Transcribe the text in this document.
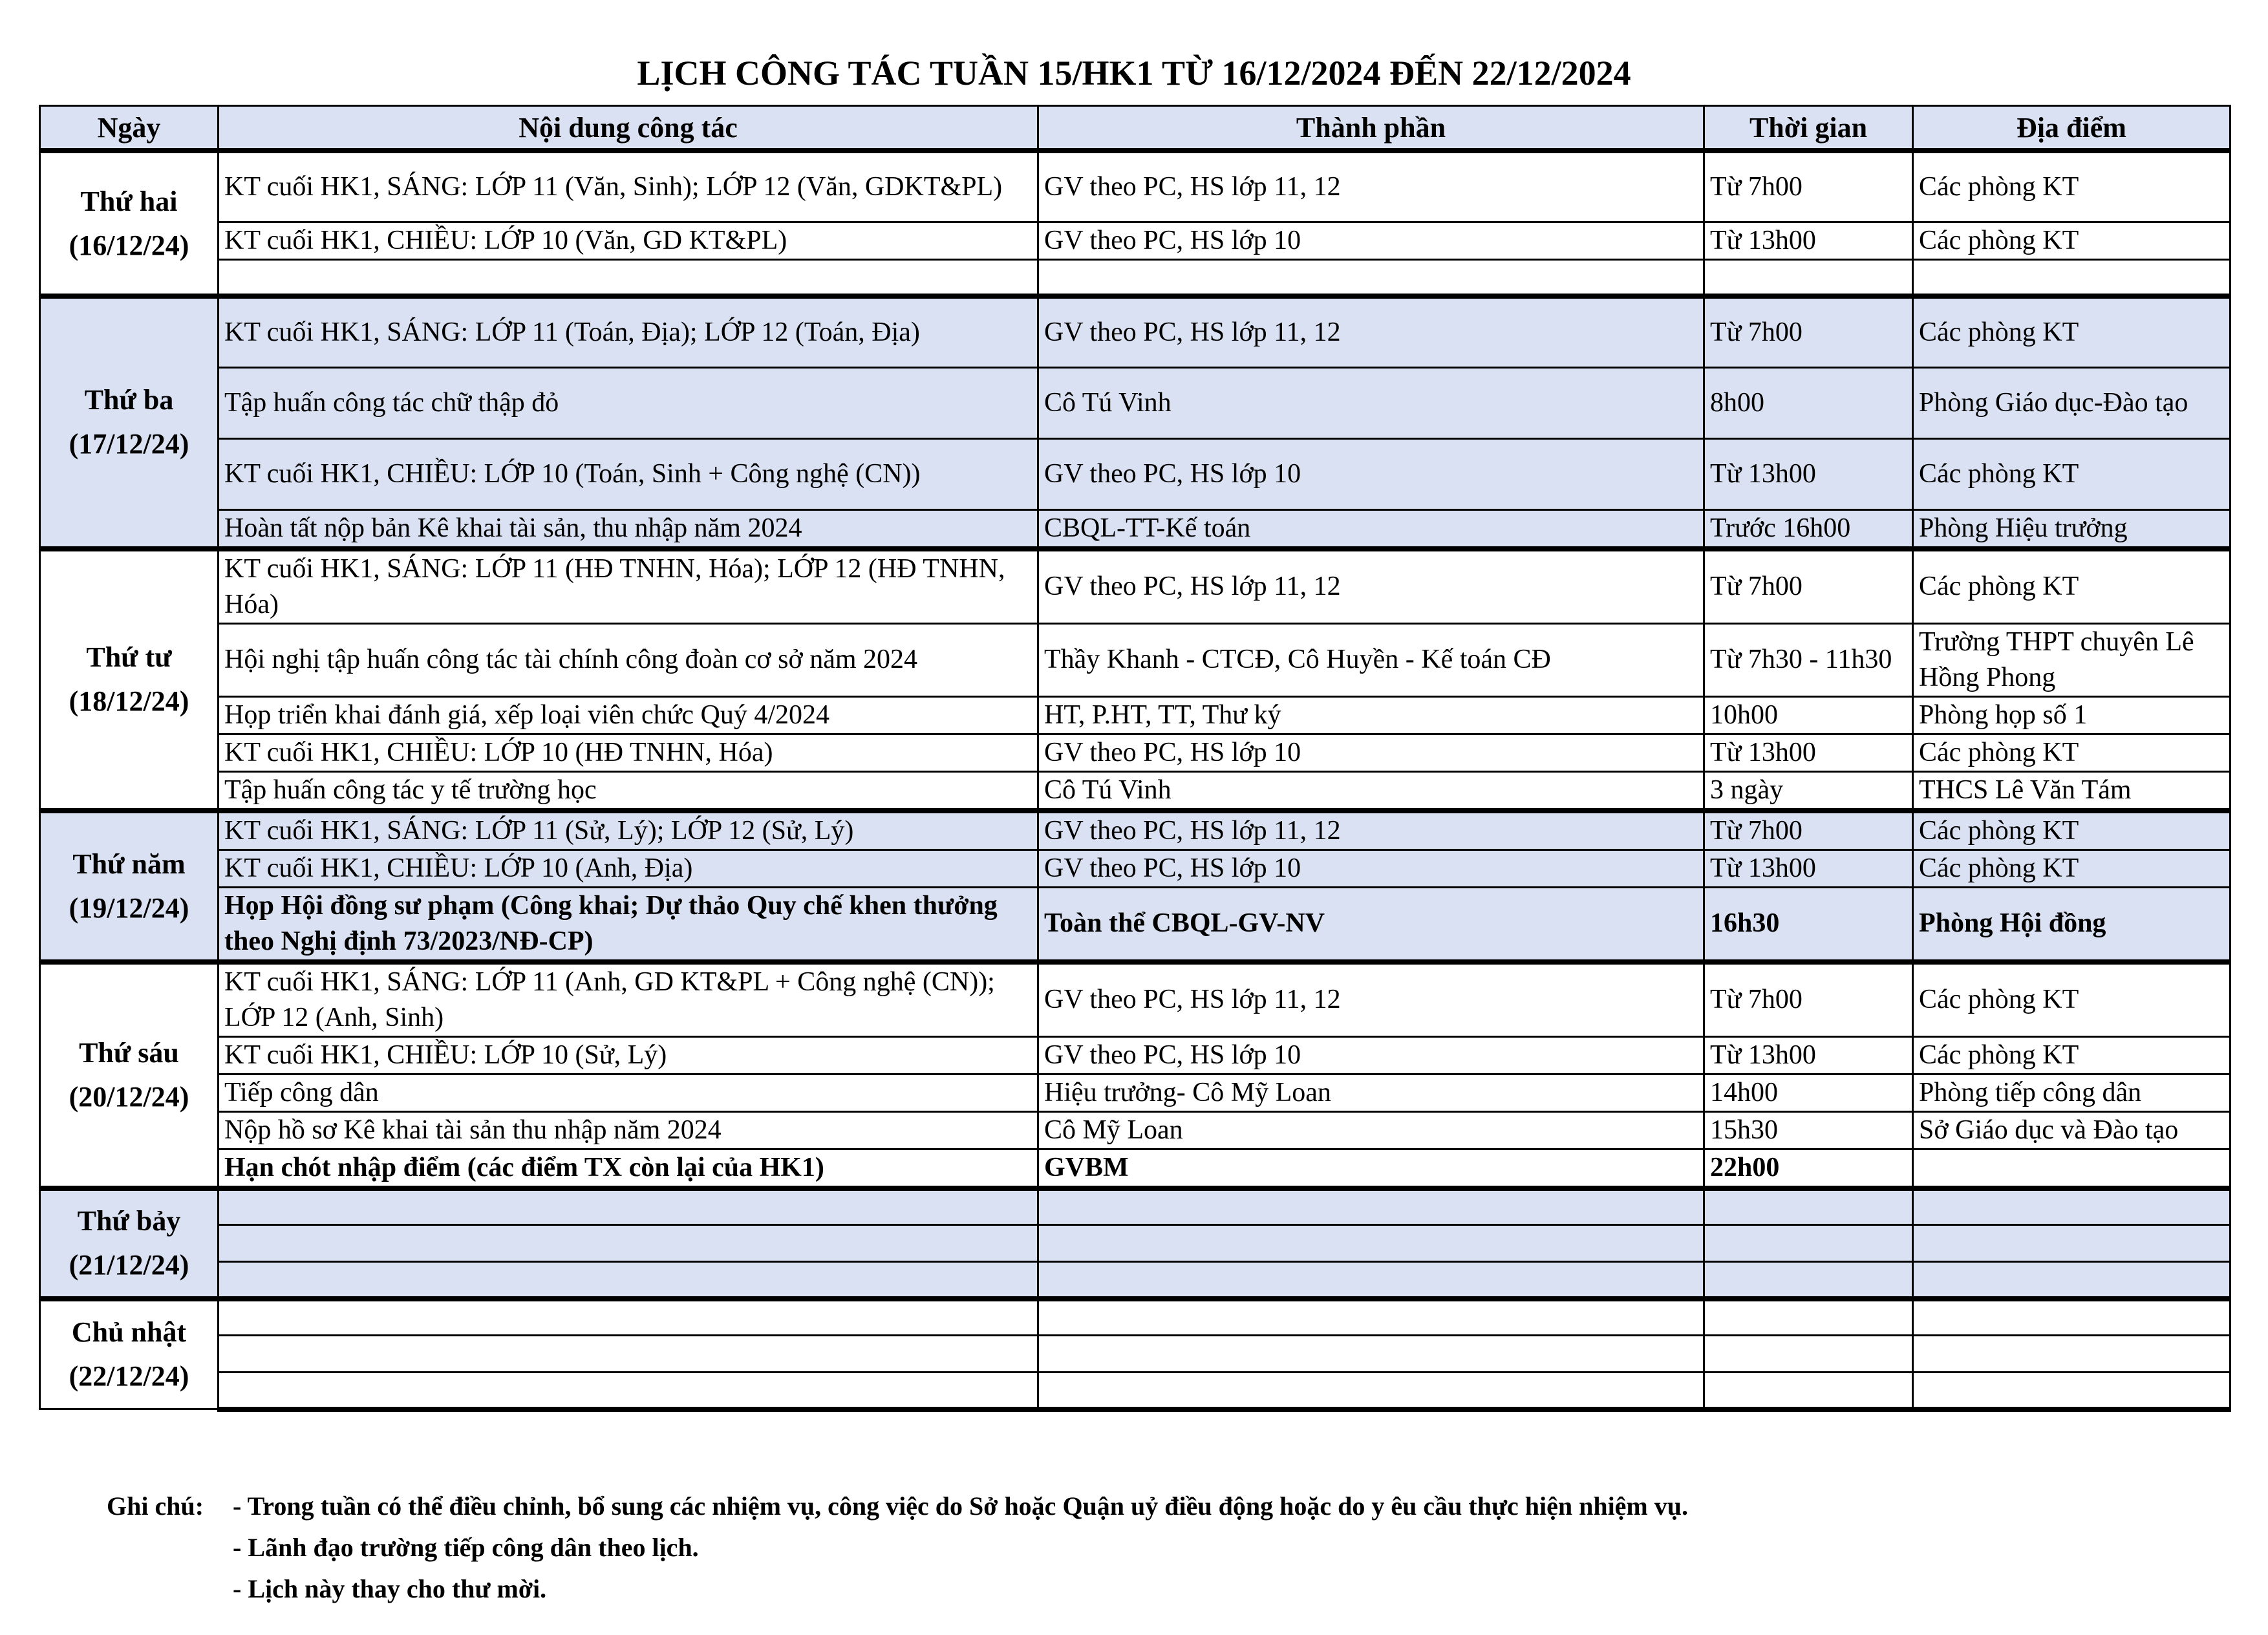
LỊCH CÔNG TÁC TUẦN 15/HK1 TỪ 16/12/2024 ĐẾN 22/12/2024
Ngày	Nội dung công tác	Thành phần	Thời gian	Địa điểm

Thứ hai
(16/12/24)	KT cuối HK1, SÁNG: LỚP 11 (Văn, Sinh); LỚP 12 (Văn, GDKT&PL)	GV theo PC, HS lớp 11, 12	Từ 7h00	Các phòng KT
	KT cuối HK1, CHIỀU: LỚP 10 (Văn, GD KT&PL)	GV theo PC, HS lớp 10	Từ 13h00	Các phòng KT

Thứ ba
(17/12/24)	KT cuối HK1, SÁNG: LỚP 11 (Toán, Địa); LỚP 12 (Toán, Địa)	GV theo PC, HS lớp 11, 12	Từ 7h00	Các phòng KT
	Tập huấn công tác chữ thập đỏ	Cô Tú Vinh	8h00	Phòng Giáo dục-Đào tạo
	KT cuối HK1, CHIỀU: LỚP 10 (Toán, Sinh + Công nghệ (CN))	GV theo PC, HS lớp 10	Từ 13h00	Các phòng KT
	Hoàn tất nộp bản Kê khai tài sản, thu nhập năm 2024	CBQL-TT-Kế toán	Trước 16h00	Phòng Hiệu trưởng

Thứ tư
(18/12/24)	KT cuối HK1, SÁNG: LỚP 11 (HĐ TNHN, Hóa); LỚP 12 (HĐ TNHN, Hóa)	GV theo PC, HS lớp 11, 12	Từ 7h00	Các phòng KT
	Hội nghị tập huấn công tác tài chính công đoàn cơ sở năm 2024	Thầy Khanh - CTCĐ, Cô Huyền - Kế toán CĐ	Từ 7h30 - 11h30	Trường THPT chuyên Lê Hồng Phong
	Họp triển khai đánh giá, xếp loại viên chức Quý 4/2024	HT, P.HT, TT, Thư ký	10h00	Phòng họp số 1
	KT cuối HK1, CHIỀU: LỚP 10 (HĐ TNHN, Hóa)	GV theo PC, HS lớp 10	Từ 13h00	Các phòng KT
	Tập huấn công tác y tế trường học	Cô Tú Vinh	3 ngày	THCS Lê Văn Tám

Thứ năm
(19/12/24)	KT cuối HK1, SÁNG: LỚP 11 (Sử, Lý); LỚP 12 (Sử, Lý)	GV theo PC, HS lớp 11, 12	Từ 7h00	Các phòng KT
	KT cuối HK1, CHIỀU: LỚP 10 (Anh, Địa)	GV theo PC, HS lớp 10	Từ 13h00	Các phòng KT
	Họp Hội đồng sư phạm (Công khai; Dự thảo Quy chế khen thưởng theo Nghị định 73/2023/NĐ-CP)	Toàn thể CBQL-GV-NV	16h30	Phòng Hội đồng

Thứ sáu
(20/12/24)	KT cuối HK1, SÁNG: LỚP 11 (Anh, GD KT&PL + Công nghệ (CN)); LỚP 12 (Anh, Sinh)	GV theo PC, HS lớp 11, 12	Từ 7h00	Các phòng KT
	KT cuối HK1, CHIỀU: LỚP 10 (Sử, Lý)	GV theo PC, HS lớp 10	Từ 13h00	Các phòng KT
	Tiếp công dân	Hiệu trưởng- Cô Mỹ Loan	14h00	Phòng tiếp công dân
	Nộp hồ sơ Kê khai tài sản thu nhập năm 2024	Cô Mỹ Loan	15h30	Sở Giáo dục và Đào tạo
	Hạn chót nhập điểm (các điểm TX còn lại của HK1)	GVBM	22h00	

Thứ bảy
(21/12/24)				

Chủ nhật
(22/12/24)				

Ghi chú:	- Trong tuần có thể điều chỉnh, bổ sung các nhiệm vụ, công việc do Sở hoặc Quận uỷ điều động hoặc do y êu cầu thực hiện nhiệm vụ.
- Lãnh đạo trường tiếp công dân theo lịch.
- Lịch này thay cho thư mời.
